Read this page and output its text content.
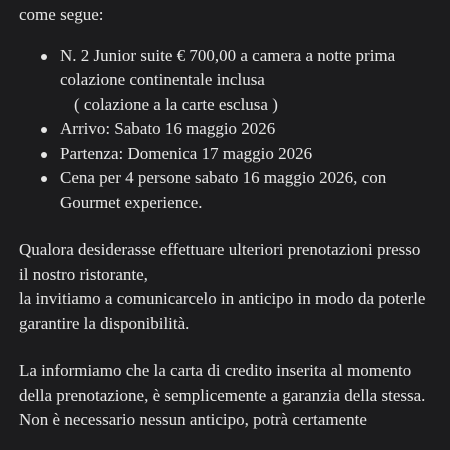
come segue:

N. 2 Junior suite € 700,00 a camera a notte prima
colazione continentale inclusa
( colazione a la carte esclusa )
Arrivo: Sabato 16 maggio 2026
Partenza: Domenica 17 maggio 2026
Cena per 4 persone sabato 16 maggio 2026, con
Gourmet experience.
Qualora desiderasse effettuare ulteriori prenotazioni presso
il nostro ristorante,
la invitiamo a comunicarcelo in anticipo in modo da poterle
garantire la disponibilità.
La informiamo che la carta di credito inserita al momento
della prenotazione, è semplicemente a garanzia della stessa.
Non è necessario nessun anticipo, potrà certamente
